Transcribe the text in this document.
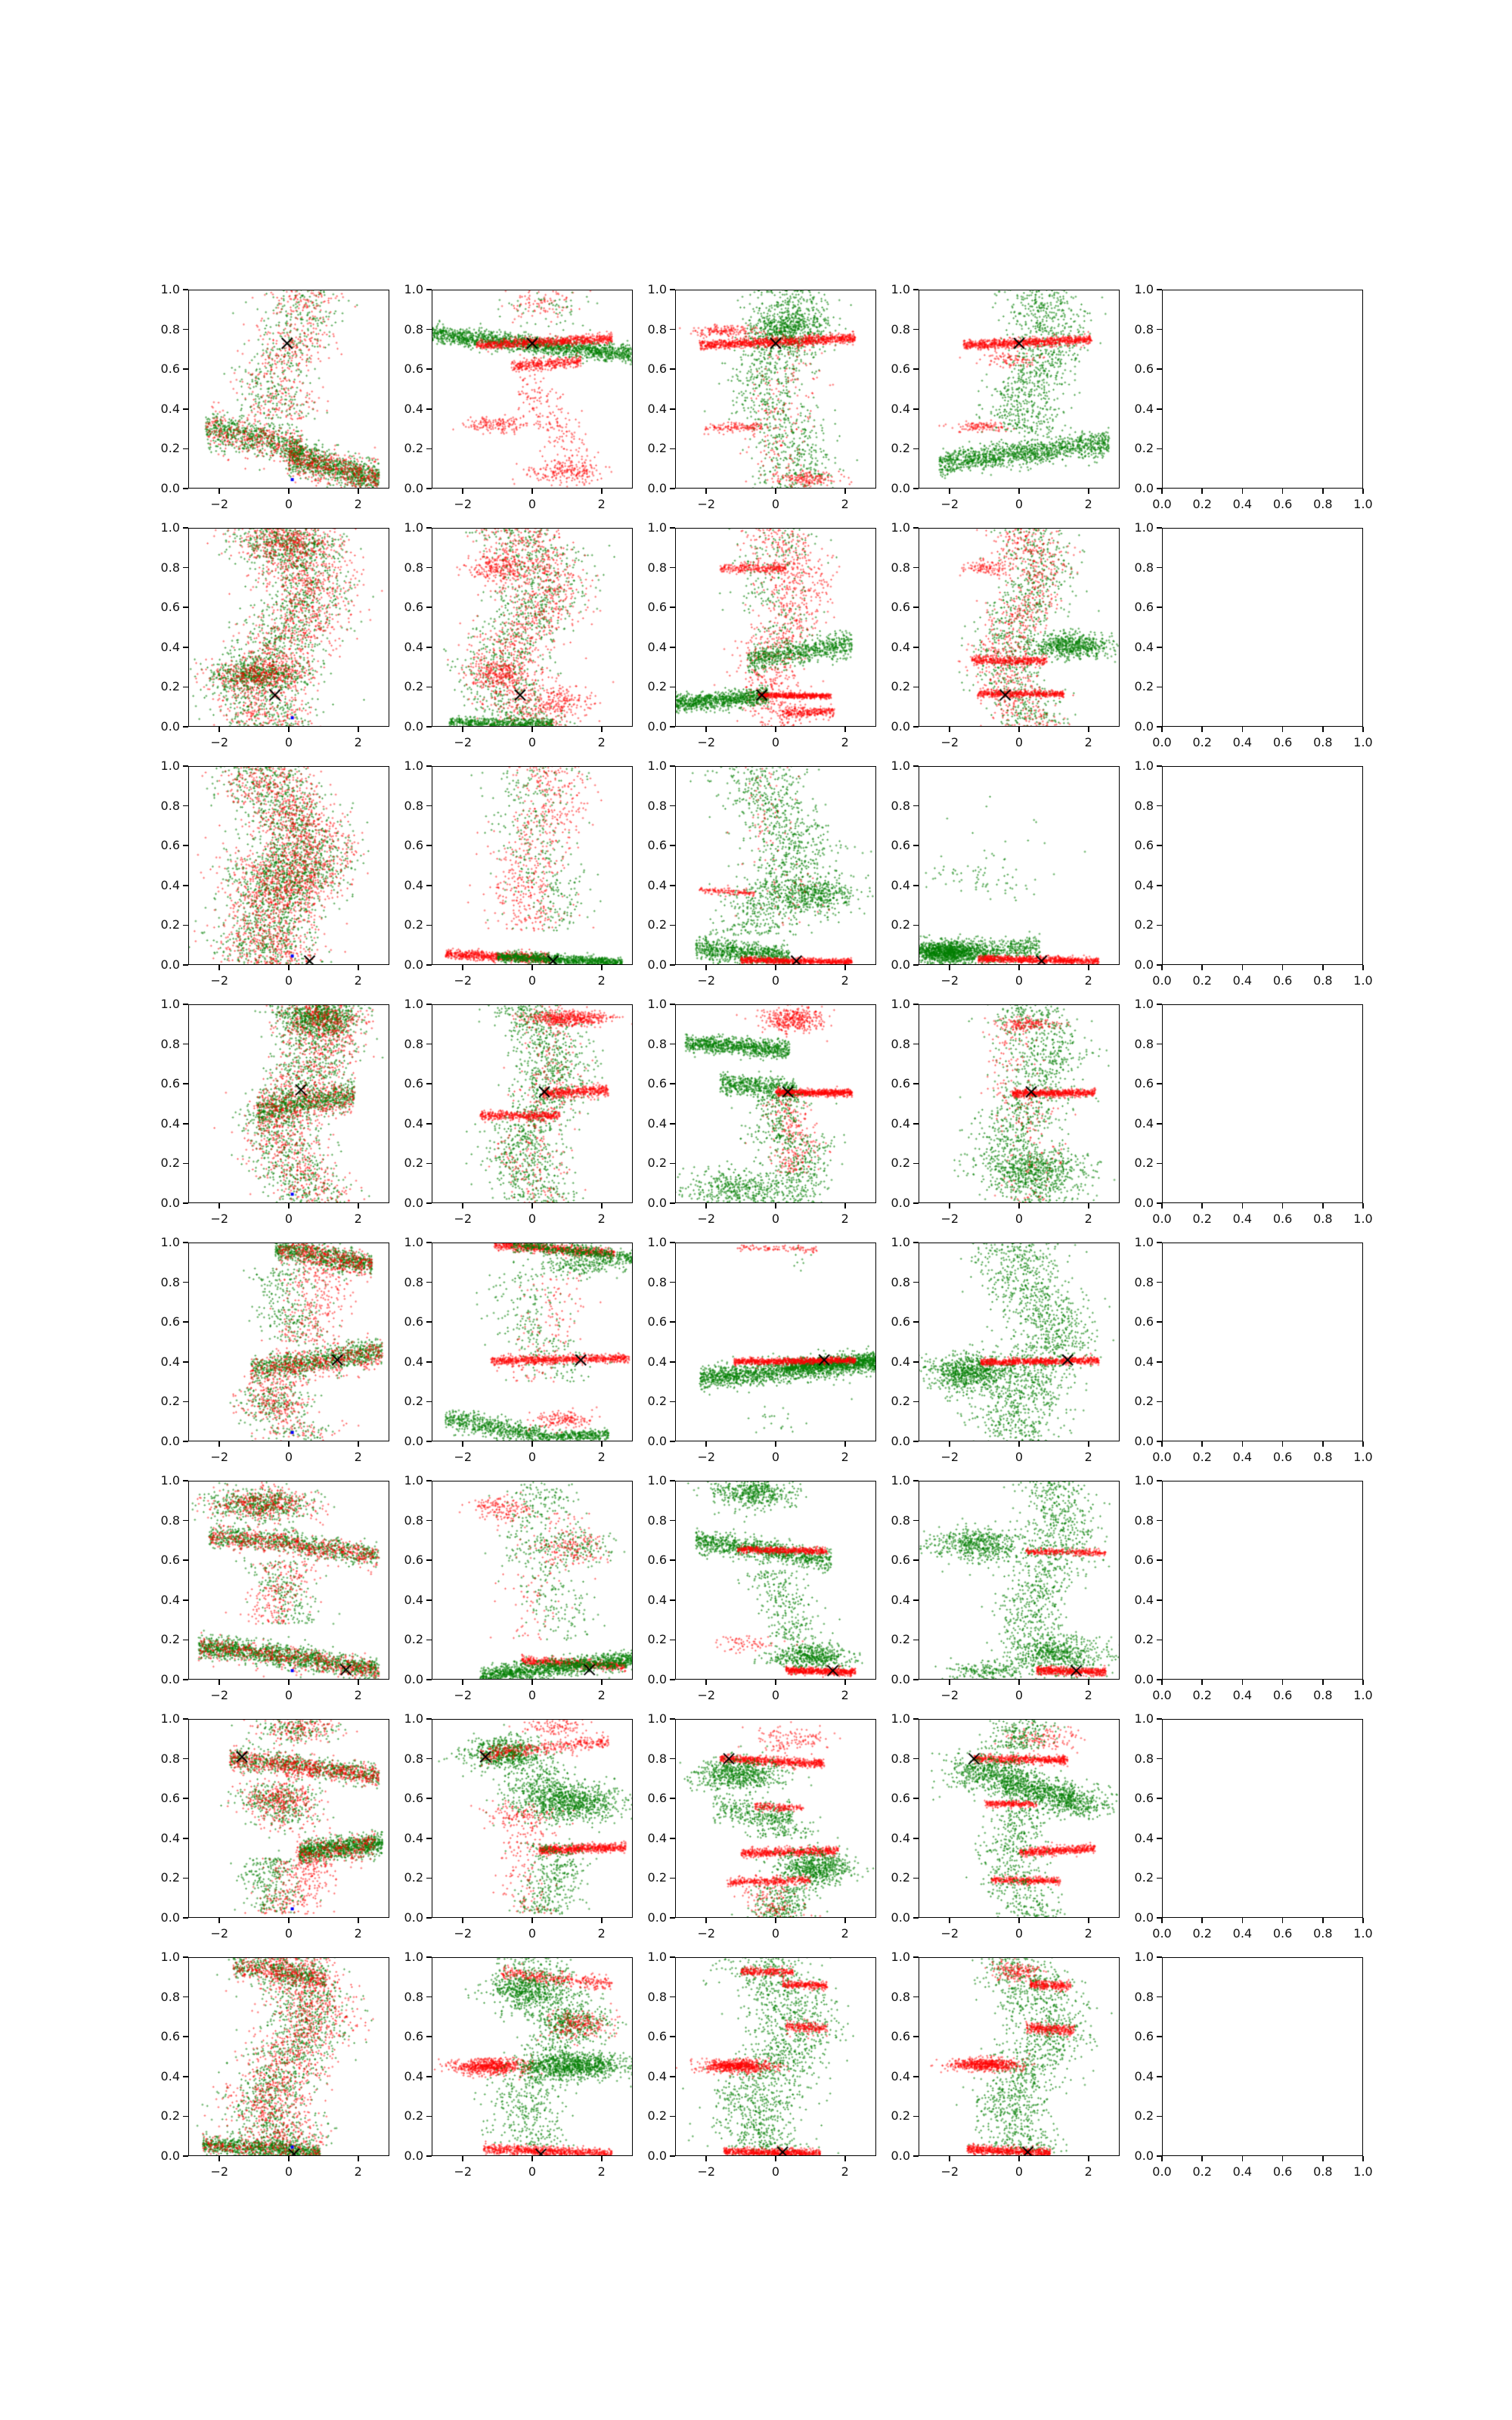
−2	0	2
0.0
0.2
0.4
0.6
0.8
1.0
−2	0	2
0.0
0.2
0.4
0.6
0.8
1.0
−2	0	2
0.0
0.2
0.4
0.6
0.8
1.0
−2	0	2
0.0
0.2
0.4
0.6
0.8
1.0
0.0 0.2 0.4 0.6 0.8 1.0
0.0
0.2
0.4
0.6
0.8
1.0
−2	0	2
0.0
0.2
0.4
0.6
0.8
1.0
−2	0	2
0.0
0.2
0.4
0.6
0.8
1.0
−2	0	2
0.0
0.2
0.4
0.6
0.8
1.0
−2	0	2
0.0
0.2
0.4
0.6
0.8
1.0
0.0 0.2 0.4 0.6 0.8 1.0
0.0
0.2
0.4
0.6
0.8
1.0
−2	0	2
0.0
0.2
0.4
0.6
0.8
1.0
−2	0	2
0.0
0.2
0.4
0.6
0.8
1.0
−2	0	2
0.0
0.2
0.4
0.6
0.8
1.0
−2	0	2
0.0
0.2
0.4
0.6
0.8
1.0
0.0 0.2 0.4 0.6 0.8 1.0
0.0
0.2
0.4
0.6
0.8
1.0
−2	0	2
0.0
0.2
0.4
0.6
0.8
1.0
−2	0	2
0.0
0.2
0.4
0.6
0.8
1.0
−2	0	2
0.0
0.2
0.4
0.6
0.8
1.0
−2	0	2
0.0
0.2
0.4
0.6
0.8
1.0
0.0 0.2 0.4 0.6 0.8 1.0
0.0
0.2
0.4
0.6
0.8
1.0
−2	0	2
0.0
0.2
0.4
0.6
0.8
1.0
−2	0	2
0.0
0.2
0.4
0.6
0.8
1.0
−2	0	2
0.0
0.2
0.4
0.6
0.8
1.0
−2	0	2
0.0
0.2
0.4
0.6
0.8
1.0
0.0 0.2 0.4 0.6 0.8 1.0
0.0
0.2
0.4
0.6
0.8
1.0
−2	0	2
0.0
0.2
0.4
0.6
0.8
1.0
−2	0	2
0.0
0.2
0.4
0.6
0.8
1.0
−2	0	2
0.0
0.2
0.4
0.6
0.8
1.0
−2	0	2
0.0
0.2
0.4
0.6
0.8
1.0
0.0 0.2 0.4 0.6 0.8 1.0
0.0
0.2
0.4
0.6
0.8
1.0
−2	0	2
0.0
0.2
0.4
0.6
0.8
1.0
−2	0	2
0.0
0.2
0.4
0.6
0.8
1.0
−2	0	2
0.0
0.2
0.4
0.6
0.8
1.0
−2	0	2
0.0
0.2
0.4
0.6
0.8
1.0
0.0 0.2 0.4 0.6 0.8 1.0
0.0
0.2
0.4
0.6
0.8
1.0
−2	0	2
0.0
0.2
0.4
0.6
0.8
1.0
−2	0	2
0.0
0.2
0.4
0.6
0.8
1.0
−2	0	2
0.0
0.2
0.4
0.6
0.8
1.0
−2	0	2
0.0
0.2
0.4
0.6
0.8
1.0
0.0 0.2 0.4 0.6 0.8 1.0
0.0
0.2
0.4
0.6
0.8
1.0
